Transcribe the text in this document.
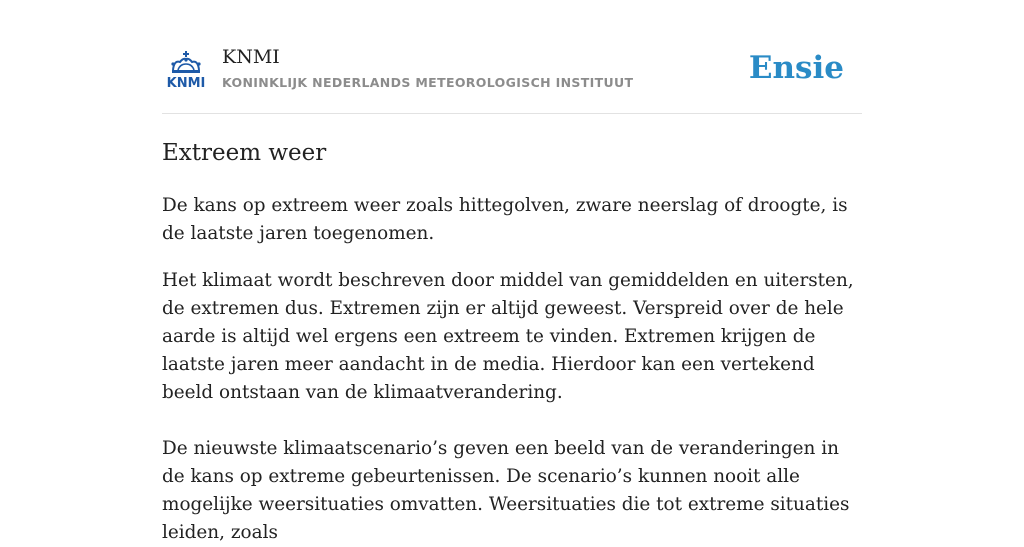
KNMI
KNMI
KONINKLIJK NEDERLANDS METEOROLOGISCH INSTITUUT	Ensie
Extreem weer

De kans op extreem weer zoals hittegolven, zware neerslag of droogte, is de laatste jaren toegenomen.

Het klimaat wordt beschreven door middel van gemiddelden en uitersten, de extremen dus. Extremen zijn er altijd geweest. Verspreid over de hele aarde is altijd wel ergens een extreem te vinden. Extremen krijgen de laatste jaren meer aandacht in de media. Hierdoor kan een vertekend beeld ontstaan van de klimaatverandering.

De nieuwste klimaatscenario’s geven een beeld van de veranderingen in de kans op extreme gebeurtenissen. De scenario’s kunnen nooit alle mogelijke weersituaties omvatten. Weersituaties die tot extreme situaties leiden, zoals
